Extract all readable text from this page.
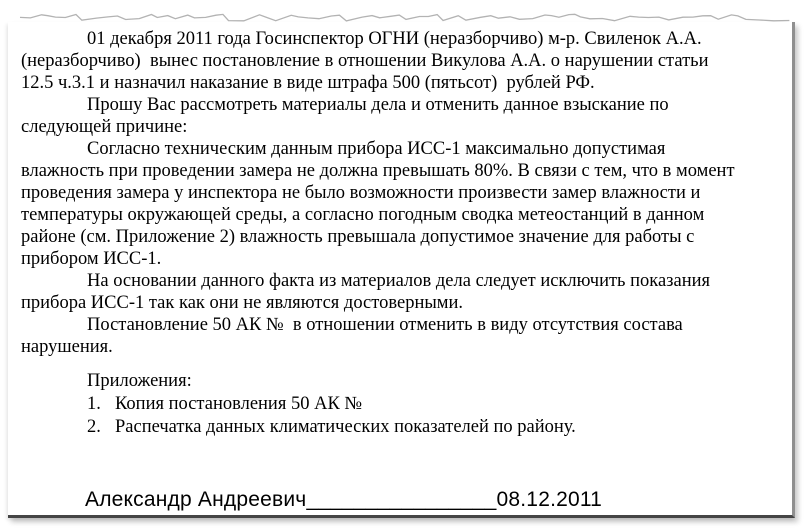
01 декабря 2011 года Госинспектор ОГНИ (неразборчиво) м-р. Свиленок А.А.
(неразборчиво)  вынес постановление в отношении Викулова А.А. о нарушении статьи
12.5 ч.3.1 и назначил наказание в виде штрафа 500 (пятьсот)  рублей РФ.
Прошу Вас рассмотреть материалы дела и отменить данное взыскание по
следующей причине:
Согласно техническим данным прибора ИСС-1 максимально допустимая
влажность при проведении замера не должна превышать 80%. В связи с тем, что в момент
проведения замера у инспектора не было возможности произвести замер влажности и
температуры окружающей среды, а согласно погодным сводка метеостанций в данном
районе (см. Приложение 2) влажность превышала допустимое значение для работы с
прибором ИСС-1.
На основании данного факта из материалов дела следует исключить показания
прибора ИСС-1 так как они не являются достоверными.
Постановление 50 АК №  в отношении отменить в виду отсутствия состава
нарушения.
Приложения:
1. Копия постановления 50 АК №
2. Распечатка данных климатических показателей по району.
Александр Андреевич________________08.12.2011
